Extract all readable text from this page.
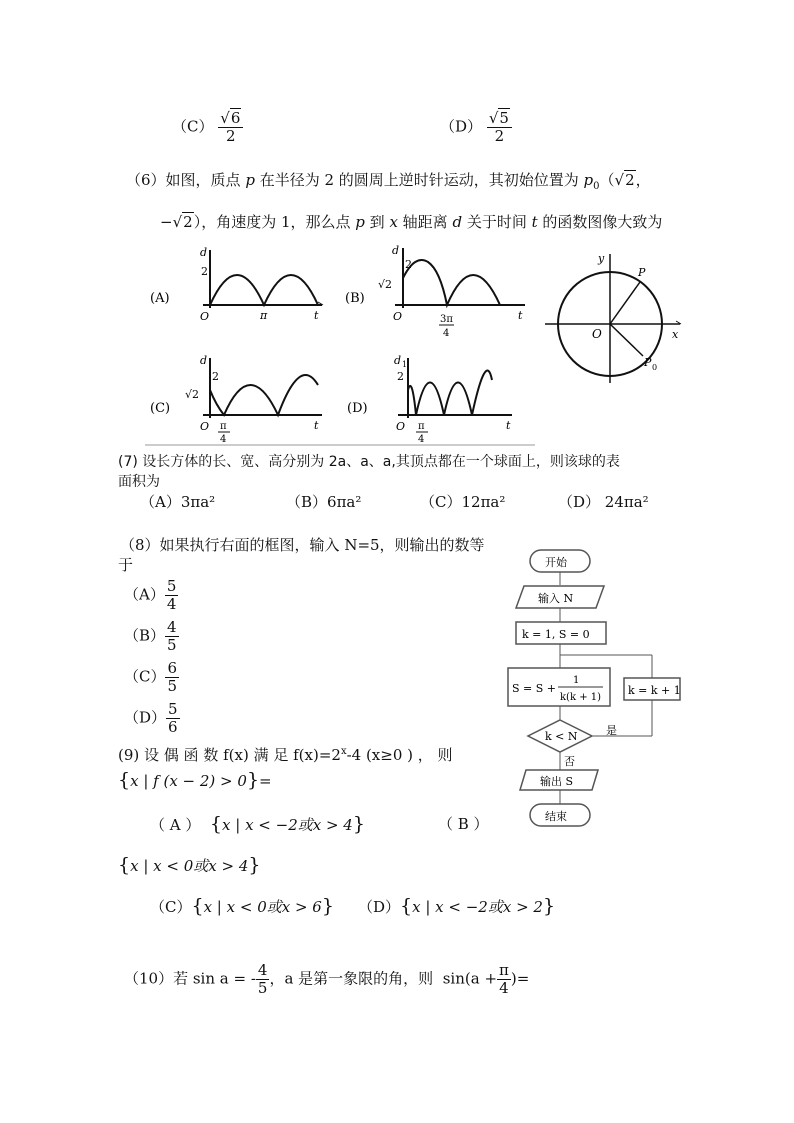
$(C) \frac{√6}{2}$	$(D) \frac{√5}{2}$
（6）如图，质点 p 在半径为 2 的圆周上逆时针运动，其初始位置为 $p_0(√2$，
−√2），角速度为 1，那么点 p 到 x 轴距离 d 关于时间 t 的函数图像大致为
(A)
d
2
O	π	t
(B)
d
2
√2
O	3π
4
t
(C)
d
2
√2
O π
4
t
(D)
d 1
2
O π
4
t
y
x
O
P
P 0
(7) 设长方体的长、宽、高分别为 2a、a、a,其顶点都在一个球面上，则该球的表
面积为
（A）3πa²	（B）6πa²	（C）12πa²	（D） 24πa²
（8）如果执行右面的框图，输入 N=5，则输出的数等
于
$(A) \frac{5}{4}$
$(B) \frac{4}{5}$
$(C) \frac{6}{5}$
$(D) \frac{5}{6}$
开始
输入 N
k = 1, S = 0
S = S +
1
k(k + 1)
k = k + 1
k < N	是
否
输出 S
结束
(9) 设 偶 函 数 f(x) 满 足 $f(x)=2^x-4$ (x≥0 ) ， 则
{x | f (x − 2) > 0}=
（ A ） {x | x < −2或x > 4}	（ B ）
{x | x < 0或x > 4}
（C）{x | x < 0或x > 6} （D）{x | x < −2或x > 2}
（10）若 sin a = - $\frac{4}{5}$ ，a 是第一象限的角，则 $\sin(a + \frac{\pi}{4}$ )=
